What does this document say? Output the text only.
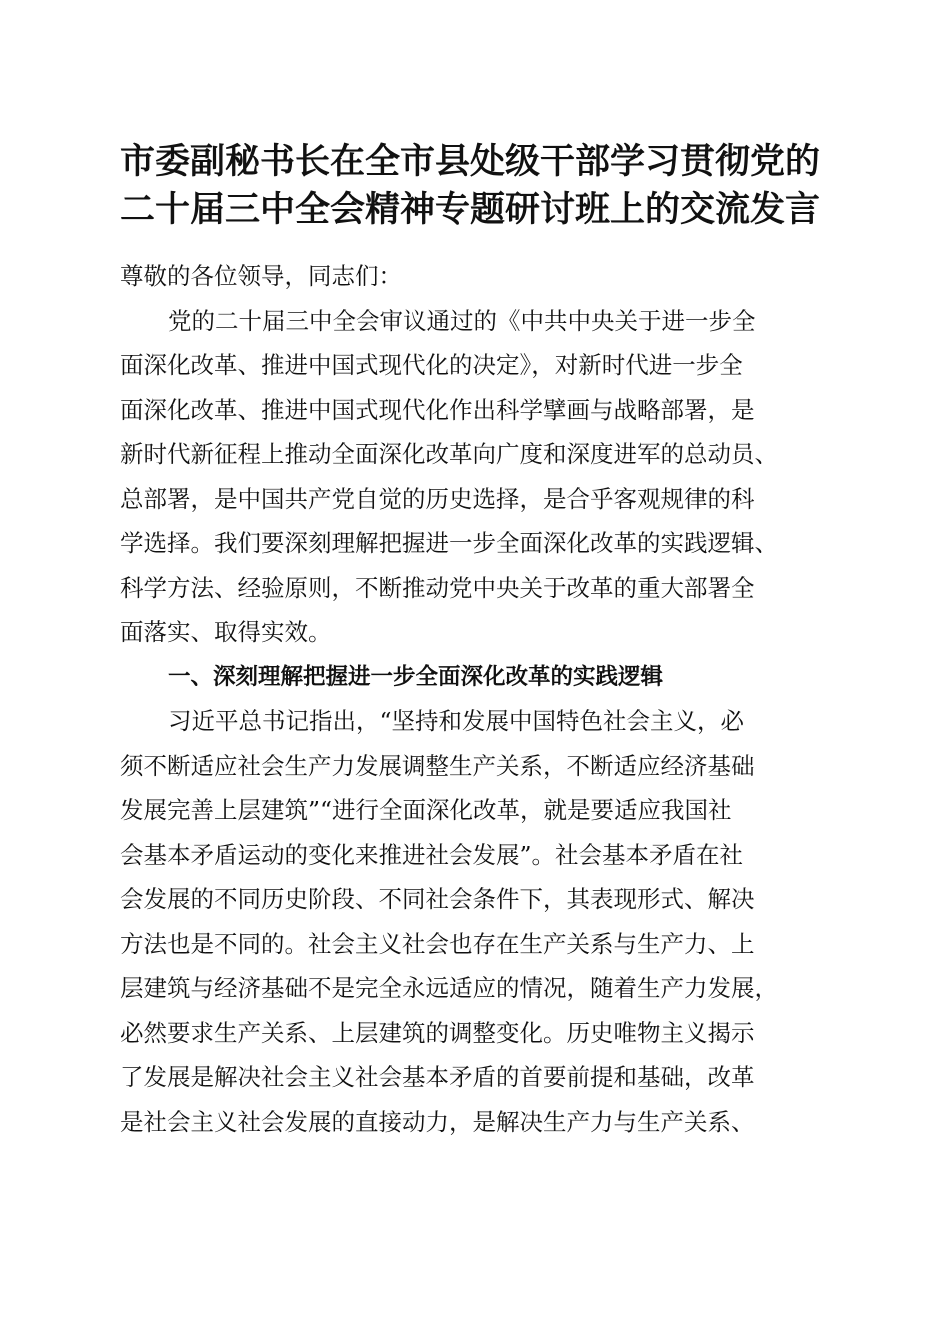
市委副秘书长在全市县处级干部学习贯彻党的
二十届三中全会精神专题研讨班上的交流发言
尊敬的各位领导，同志们：
党的二十届三中全会审议通过的《中共中央关于进一步全
面深化改革、推进中国式现代化的决定》，对新时代进一步全
面深化改革、推进中国式现代化作出科学擘画与战略部署，是
新时代新征程上推动全面深化改革向广度和深度进军的总动员、
总部署，是中国共产党自觉的历史选择，是合乎客观规律的科
学选择。我们要深刻理解把握进一步全面深化改革的实践逻辑、
科学方法、经验原则，不断推动党中央关于改革的重大部署全
面落实、取得实效。
一、深刻理解把握进一步全面深化改革的实践逻辑
习近平总书记指出，“坚持和发展中国特色社会主义，必
须不断适应社会生产力发展调整生产关系，不断适应经济基础
发展完善上层建筑”“进行全面深化改革，就是要适应我国社
会基本矛盾运动的变化来推进社会发展”。社会基本矛盾在社
会发展的不同历史阶段、不同社会条件下，其表现形式、解决
方法也是不同的。社会主义社会也存在生产关系与生产力、上
层建筑与经济基础不是完全永远适应的情况，随着生产力发展，
必然要求生产关系、上层建筑的调整变化。历史唯物主义揭示
了发展是解决社会主义社会基本矛盾的首要前提和基础，改革
是社会主义社会发展的直接动力，是解决生产力与生产关系、
